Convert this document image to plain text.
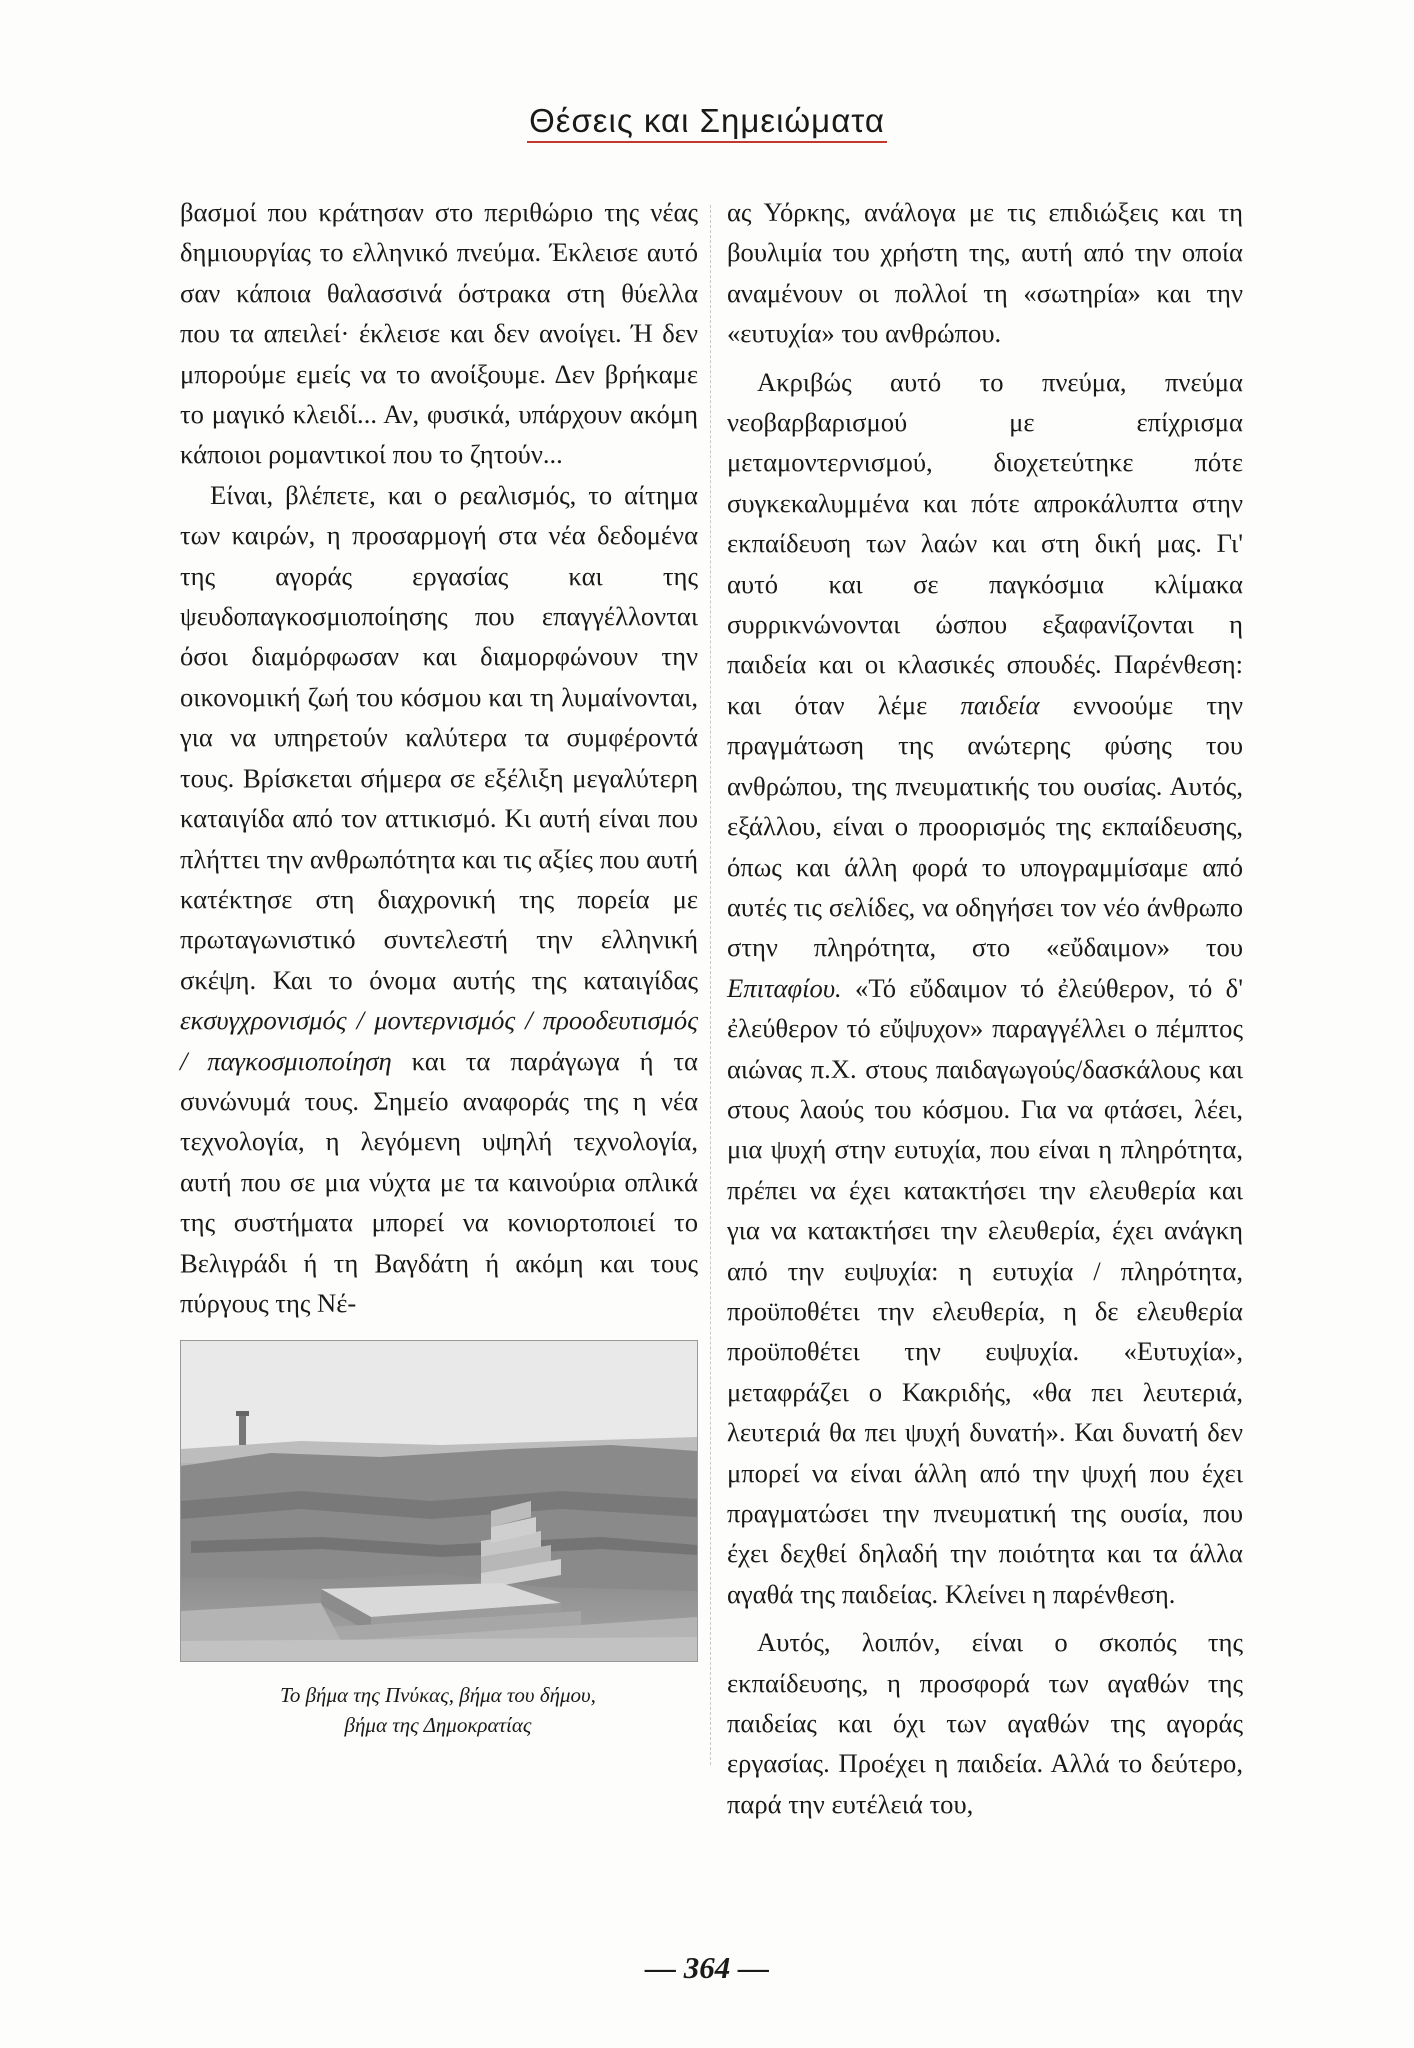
Θέσεις και Σημειώματα

βασμοί που κράτησαν στο περιθώριο της νέας δημιουργίας το ελληνικό πνεύμα. Έκλεισε αυτό σαν κάποια θαλασσινά όστρακα στη θύελλα που τα απειλεί· έκλεισε και δεν ανοίγει. Ή δεν μπορούμε εμείς να το ανοίξουμε. Δεν βρήκαμε το μαγικό κλειδί... Αν, φυσικά, υπάρχουν ακόμη κάποιοι ρομαντικοί που το ζητούν...

Είναι, βλέπετε, και ο ρεαλισμός, το αίτημα των καιρών, η προσαρμογή στα νέα δεδομένα της αγοράς εργασίας και της ψευδοπαγκοσμιοποίησης που επαγγέλλονται όσοι διαμόρφωσαν και διαμορφώνουν την οικονομική ζωή του κόσμου και τη λυμαίνονται, για να υπηρετούν καλύτερα τα συμφέροντά τους. Βρίσκεται σήμερα σε εξέλιξη μεγαλύτερη καταιγίδα από τον αττικισμό. Κι αυτή είναι που πλήττει την ανθρωπότητα και τις αξίες που αυτή κατέκτησε στη διαχρονική της πορεία με πρωταγωνιστικό συντελεστή την ελληνική σκέψη. Και το όνομα αυτής της καταιγίδας εκσυγχρονισμός / μοντερνισμός / προοδευτισμός / παγκοσμιοποίηση και τα παράγωγα ή τα συνώνυμά τους. Σημείο αναφοράς της η νέα τεχνολογία, η λεγόμενη υψηλή τεχνολογία, αυτή που σε μια νύχτα με τα καινούρια οπλικά της συστήματα μπορεί να κονιορτοποιεί το Βελιγράδι ή τη Βαγδάτη ή ακόμη και τους πύργους της Νέ-

Το βήμα της Πνύκας, βήμα του δήμου,
βήμα της Δημοκρατίας

ας Υόρκης, ανάλογα με τις επιδιώξεις και τη βουλιμία του χρήστη της, αυτή από την οποία αναμένουν οι πολλοί τη «σωτηρία» και την «ευτυχία» του ανθρώπου.

Ακριβώς αυτό το πνεύμα, πνεύμα νεοβαρβαρισμού με επίχρισμα μεταμοντερνισμού, διοχετεύτηκε πότε συγκεκαλυμμένα και πότε απροκάλυπτα στην εκπαίδευση των λαών και στη δική μας. Γι' αυτό και σε παγκόσμια κλίμακα συρρικνώνονται ώσπου εξαφανίζονται η παιδεία και οι κλασικές σπουδές. Παρένθεση: και όταν λέμε παιδεία εννοούμε την πραγμάτωση της ανώτερης φύσης του ανθρώπου, της πνευματικής του ουσίας. Αυτός, εξάλλου, είναι ο προορισμός της εκπαίδευσης, όπως και άλλη φορά το υπογραμμίσαμε από αυτές τις σελίδες, να οδηγήσει τον νέο άνθρωπο στην πληρότητα, στο «εὔδαιμον» του Επιταφίου. «Τό εὔδαιμον τό ἐλεύθερον, τό δ' ἐλεύθερον τό εὔψυχον» παραγγέλλει ο πέμπτος αιώνας π.Χ. στους παιδαγωγούς/δασκάλους και στους λαούς του κόσμου. Για να φτάσει, λέει, μια ψυχή στην ευτυχία, που είναι η πληρότητα, πρέπει να έχει κατακτήσει την ελευθερία και για να κατακτήσει την ελευθερία, έχει ανάγκη από την ευψυχία: η ευτυχία / πληρότητα, προϋποθέτει την ελευθερία, η δε ελευθερία προϋποθέτει την ευψυχία. «Ευτυχία», μεταφράζει ο Κακριδής, «θα πει λευτεριά, λευτεριά θα πει ψυχή δυνατή». Και δυνατή δεν μπορεί να είναι άλλη από την ψυχή που έχει πραγματώσει την πνευματική της ουσία, που έχει δεχθεί δηλαδή την ποιότητα και τα άλλα αγαθά της παιδείας. Κλείνει η παρένθεση.

Αυτός, λοιπόν, είναι ο σκοπός της εκπαίδευσης, η προσφορά των αγαθών της παιδείας και όχι των αγαθών της αγοράς εργασίας. Προέχει η παιδεία. Αλλά το δεύτερο, παρά την ευτέλειά του,

— 364 —
